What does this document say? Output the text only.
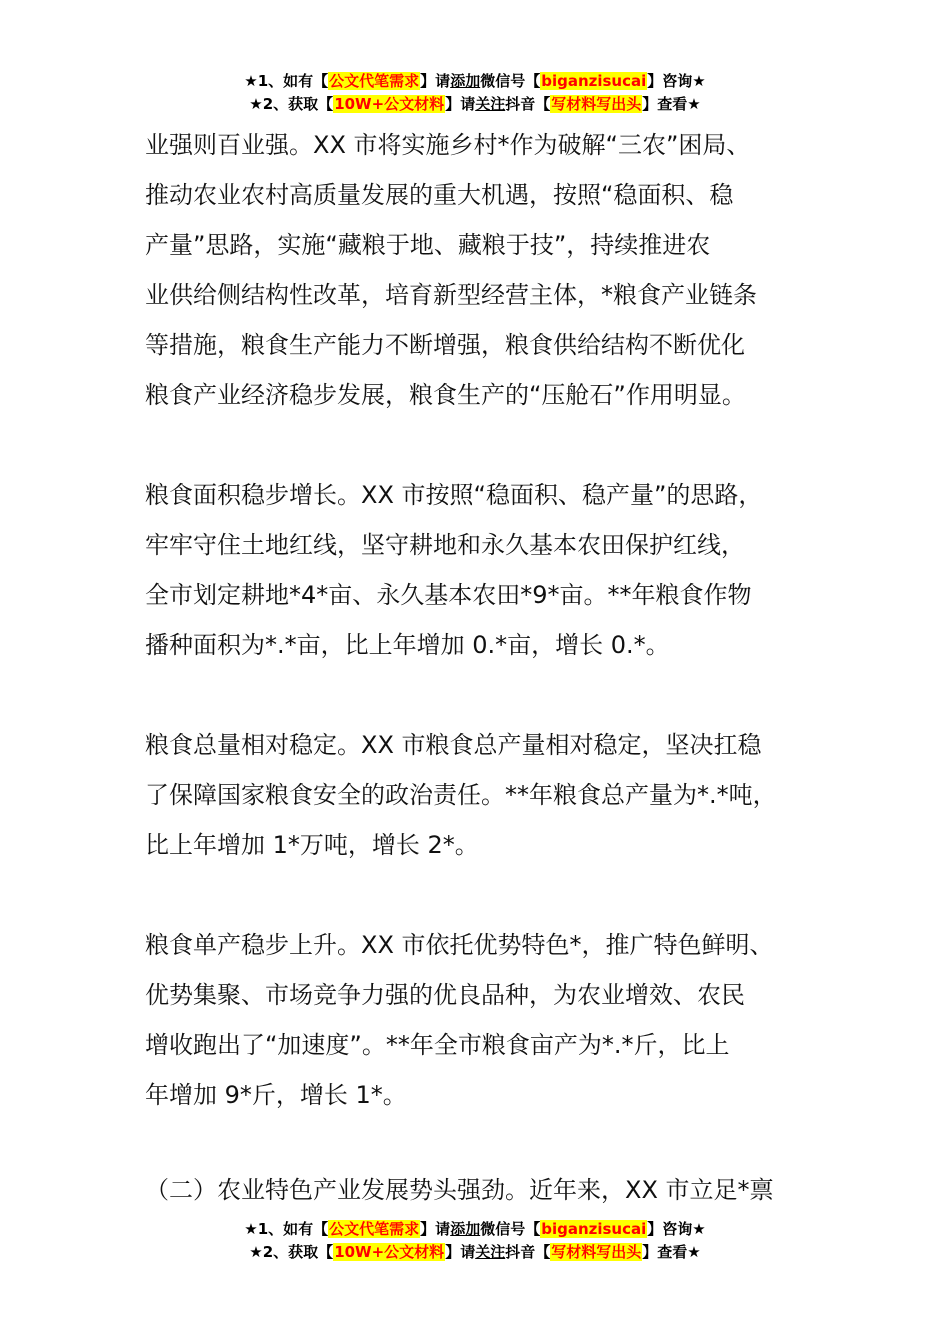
★1、如有【公文代笔需求】请添加微信号【biganzisucai】咨询★
★2、获取【10W+公文材料】请关注抖音【写材料写出头】查看★
业强则百业强。XX 市将实施乡村*作为破解“三农”困局、
推动农业农村高质量发展的重大机遇，按照“稳面积、稳
产量”思路，实施“藏粮于地、藏粮于技”，持续推进农
业供给侧结构性改革，培育新型经营主体，*粮食产业链条
等措施，粮食生产能力不断增强，粮食供给结构不断优化
粮食产业经济稳步发展，粮食生产的“压舱石”作用明显。
粮食面积稳步增长。XX 市按照“稳面积、稳产量”的思路，
牢牢守住土地红线，坚守耕地和永久基本农田保护红线，
全市划定耕地*4*亩、永久基本农田*9*亩。**年粮食作物
播种面积为*.*亩，比上年增加 0.*亩，增长 0.*。
粮食总量相对稳定。XX 市粮食总产量相对稳定，坚决扛稳
了保障国家粮食安全的政治责任。**年粮食总产量为*.*吨，
比上年增加 1*万吨，增长 2*。
粮食单产稳步上升。XX 市依托优势特色*，推广特色鲜明、
优势集聚、市场竞争力强的优良品种，为农业增效、农民
增收跑出了“加速度”。**年全市粮食亩产为*.*斤，比上
年增加 9*斤，增长 1*。
（二）农业特色产业发展势头强劲。近年来，XX 市立足*禀
★1、如有【公文代笔需求】请添加微信号【biganzisucai】咨询★
★2、获取【10W+公文材料】请关注抖音【写材料写出头】查看★
